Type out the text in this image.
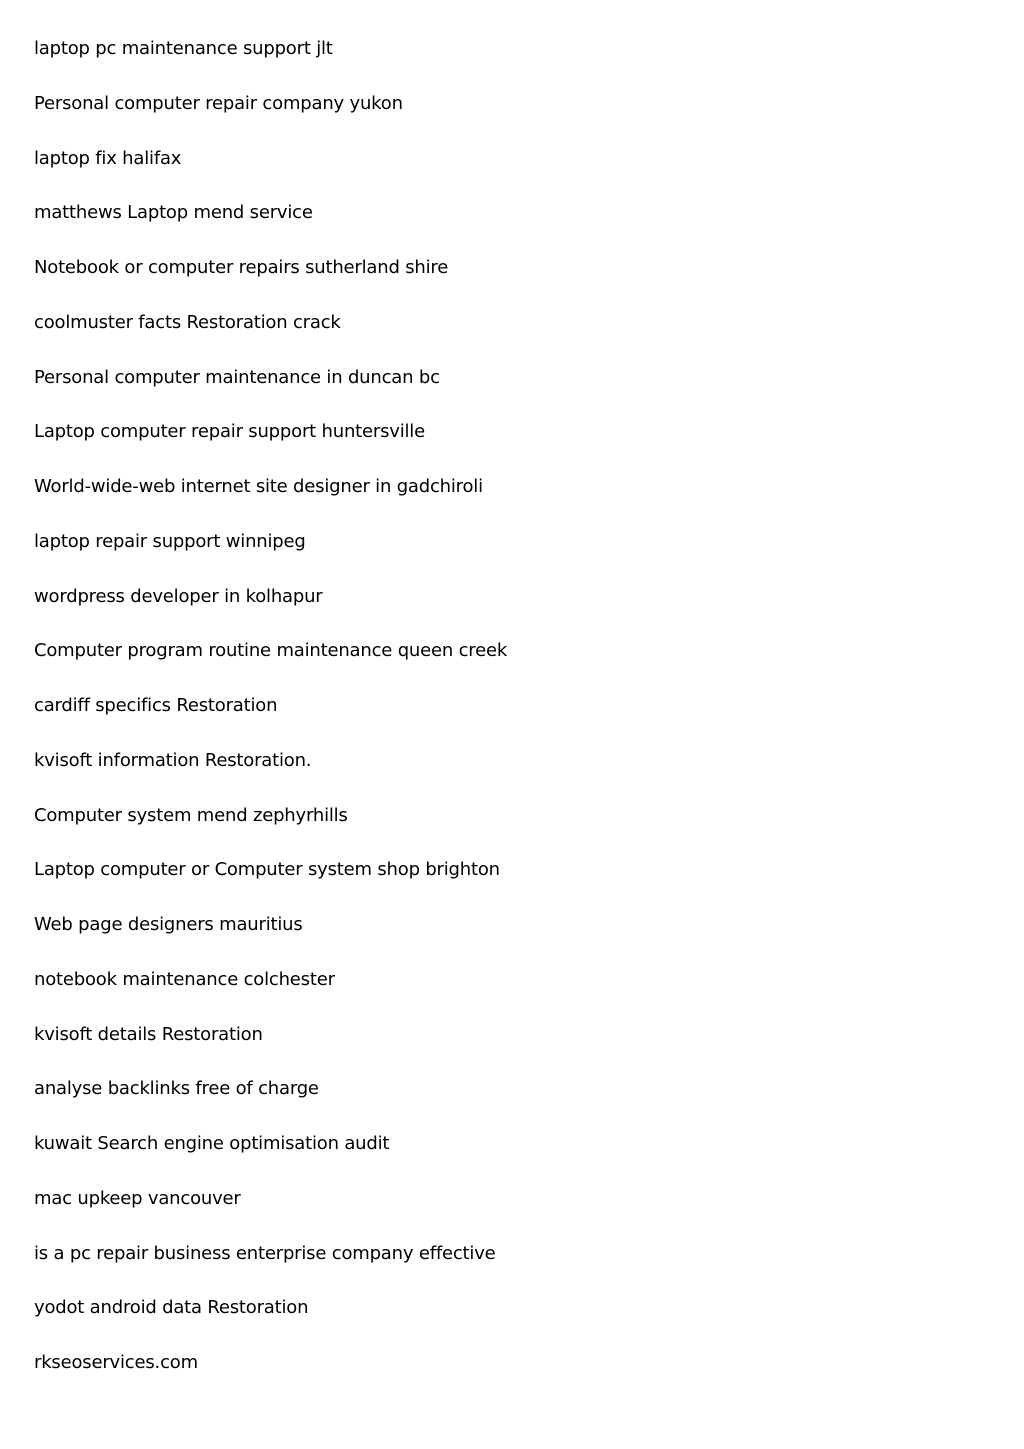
laptop pc maintenance support jlt
Personal computer repair company yukon
laptop fix halifax
matthews Laptop mend service
Notebook or computer repairs sutherland shire
coolmuster facts Restoration crack
Personal computer maintenance in duncan bc
Laptop computer repair support huntersville
World-wide-web internet site designer in gadchiroli
laptop repair support winnipeg
wordpress developer in kolhapur
Computer program routine maintenance queen creek
cardiff specifics Restoration
kvisoft information Restoration.
Computer system mend zephyrhills
Laptop computer or Computer system shop brighton
Web page designers mauritius
notebook maintenance colchester
kvisoft details Restoration
analyse backlinks free of charge
kuwait Search engine optimisation audit
mac upkeep vancouver
is a pc repair business enterprise company effective
yodot android data Restoration
rkseoservices.com
